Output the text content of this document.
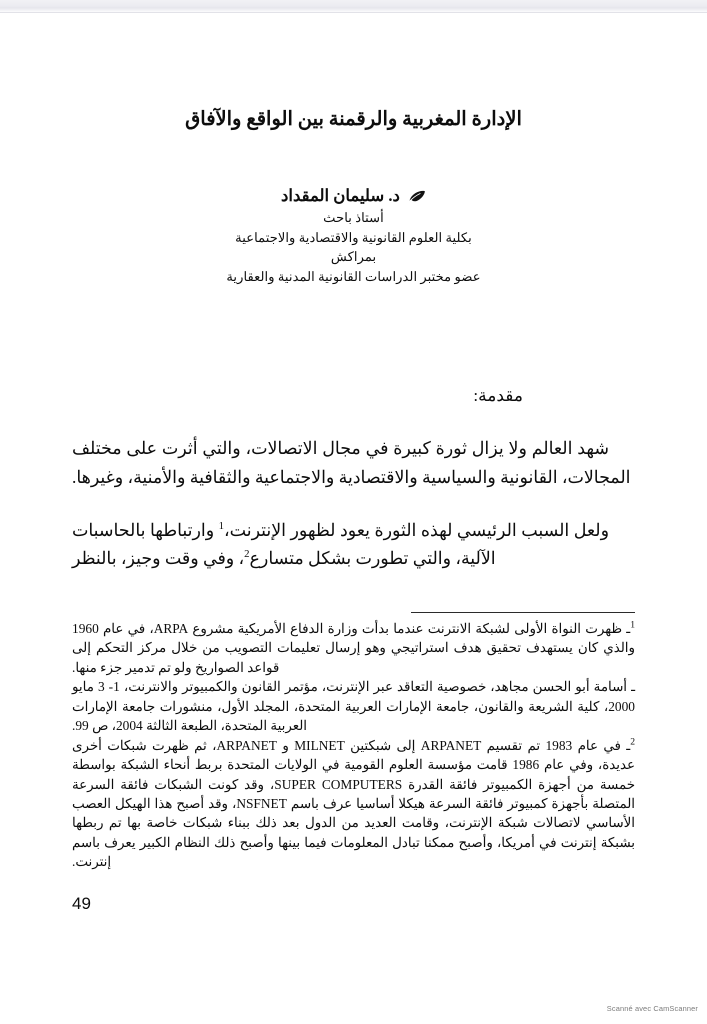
الإدارة المغربية والرقمنة بين الواقع والآفاق
د. سليمان المقداد
أستاذ باحث
بكلية العلوم القانونية والاقتصادية والاجتماعية
بمراكش
عضو مختبر الدراسات القانونية المدنية والعقارية
مقدمة:

شهد العالم ولا يزال ثورة كبيرة في مجال الاتصالات، والتي أثرت على مختلف المجالات، القانونية والسياسية والاقتصادية والاجتماعية والثقافية والأمنية، وغيرها.

ولعل السبب الرئيسي لهذه الثورة يعود لظهور الإنترنت،$^1$ وارتباطها بالحاسبات الآلية، والتي تطورت بشكل متسارع$^2$، وفي وقت وجيز، بالنظر

$^1$ـ ظهرت النواة الأولى لشبكة الانترنت عندما بدأت وزارة الدفاع الأمريكية مشروع ARPA، في عام 1960 والذي كان يستهدف تحقيق هدف استراتيجي وهو إرسال تعليمات التصويب من خلال مركز التحكم إلى قواعد الصواريخ ولو تم تدمير جزء منها.

ـ أسامة أبو الحسن مجاهد، خصوصية التعاقد عبر الإنترنت، مؤتمر القانون والكمبيوتر والانترنت، 1- 3 مايو 2000، كلية الشريعة والقانون، جامعة الإمارات العربية المتحدة، المجلد الأول، منشورات جامعة الإمارات العربية المتحدة، الطبعة الثالثة 2004، ص 99.

$^2$ـ في عام 1983 تم تقسيم ARPANET إلى شبكتين MILNET و ARPANET، ثم ظهرت شبكات أخرى عديدة، وفي عام 1986 قامت مؤسسة العلوم القومية في الولايات المتحدة بربط أنحاء الشبكة بواسطة خمسة من أجهزة الكمبيوتر فائقة القدرة SUPER COMPUTERS، وقد كونت الشبكات فائقة السرعة المتصلة بأجهزة كمبيوتر فائقة السرعة هيكلا أساسيا عرف باسم NSFNET، وقد أصبح هذا الهيكل العصب الأساسي لاتصالات شبكة الإنترنت، وقامت العديد من الدول بعد ذلك ببناء شبكات خاصة بها تم ربطها بشبكة إنترنت في أمريكا، وأصبح ممكنا تبادل المعلومات فيما بينها وأصبح ذلك النظام الكبير يعرف باسم إنترنت.

49
Scanné avec CamScanner
